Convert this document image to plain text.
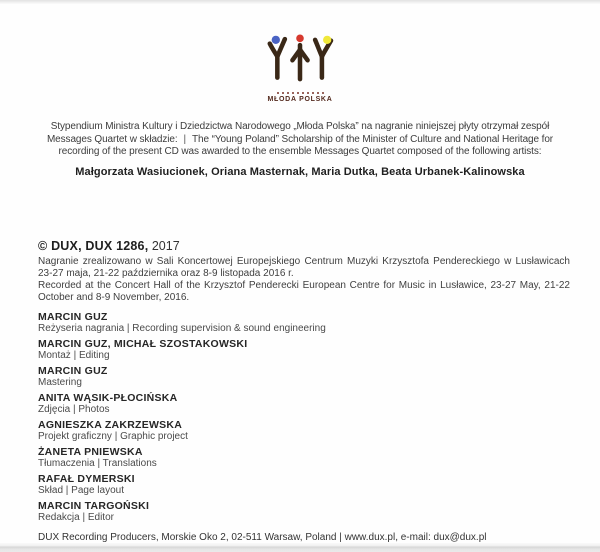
MŁODA POLSKA
Stypendium Ministra Kultury i Dziedzictwa Narodowego „Młoda Polska” na nagranie niniejszej płyty otrzymał zespół Messages Quartet w składzie: | The “Young Poland” Scholarship of the Minister of Culture and National Heritage for recording of the present CD was awarded to the ensemble Messages Quartet composed of the following artists:
Małgorzata Wasiucionek, Oriana Masternak, Maria Dutka, Beata Urbanek-Kalinowska
© DUX, DUX 1286, 2017

Nagranie zrealizowano w Sali Koncertowej Europejskiego Centrum Muzyki Krzysztofa Pendereckiego w Lusławicach 23-27 maja, 21-22 października oraz 8-9 listopada 2016 r.

Recorded at the Concert Hall of the Krzysztof Penderecki European Centre for Music in Lusławice, 23-27 May, 21-22 October and 8-9 November, 2016.

MARCIN GUZ
Reżyseria nagrania | Recording supervision & sound engineering
MARCIN GUZ, MICHAŁ SZOSTAKOWSKI
Montaż | Editing
MARCIN GUZ
Mastering
ANITA WĄSIK-PŁOCIŃSKA
Zdjęcia | Photos
AGNIESZKA ZAKRZEWSKA
Projekt graficzny | Graphic project
ŻANETA PNIEWSKA
Tłumaczenia | Translations
RAFAŁ DYMERSKI
Skład | Page layout
MARCIN TARGOŃSKI
Redakcja | Editor
DUX Recording Producers, Morskie Oko 2, 02-511 Warsaw, Poland | www.dux.pl, e-mail: dux@dux.pl
